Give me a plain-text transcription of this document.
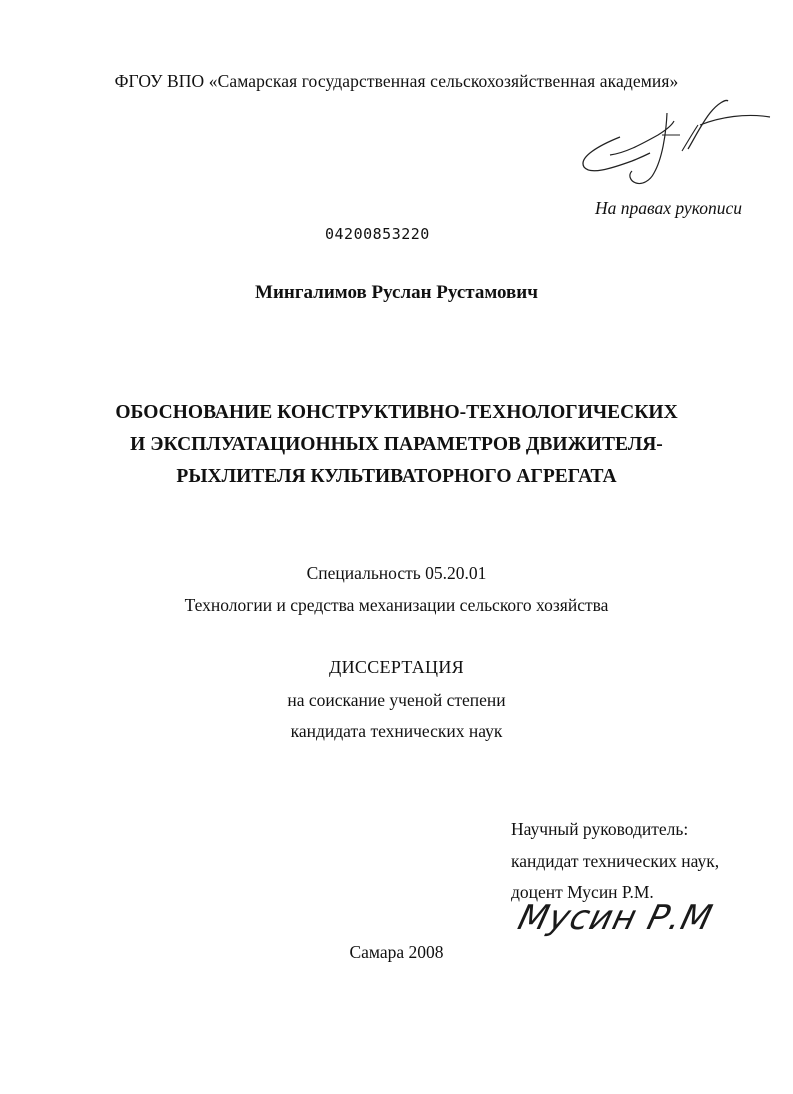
ФГОУ ВПО «Самарская государственная сельскохозяйственная академия»
На правах рукописи
04200853220
Мингалимов Руслан Рустамович
ОБОСНОВАНИЕ КОНСТРУКТИВНО-ТЕХНОЛОГИЧЕСКИХ
И ЭКСПЛУАТАЦИОННЫХ ПАРАМЕТРОВ ДВИЖИТЕЛЯ-
РЫХЛИТЕЛЯ КУЛЬТИВАТОРНОГО АГРЕГАТА
Специальность 05.20.01
Технологии и средства механизации сельского хозяйства
ДИССЕРТАЦИЯ
на соискание ученой степени
кандидата технических наук
Научный руководитель:
кандидат технических наук,
доцент Мусин Р.М.
Мусин Р.М
Самара 2008
